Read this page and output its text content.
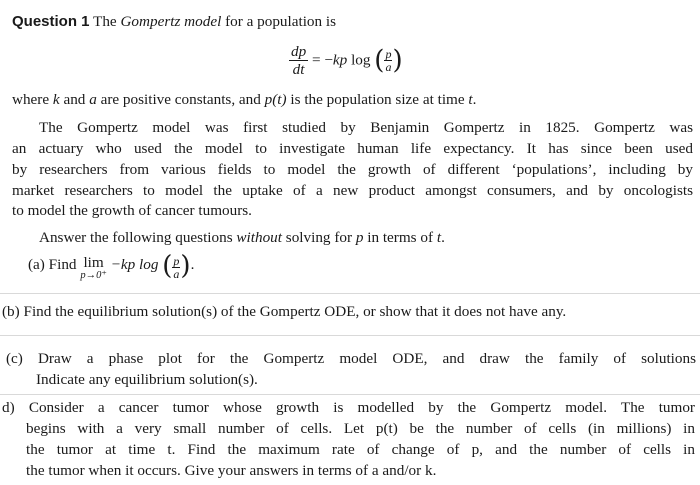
Question 1 The Gompertz model for a population is
$\frac{dp}{dt} = -kp$ log ( $\frac{p}{a}$ )
where k and a are positive constants, and p(t) is the population size at time t.
The Gompertz model was first studied by Benjamin Gompertz in 1825. Gompertz was
an actuary who used the model to investigate human life expectancy. It has since been used
by researchers from various fields to model the growth of different ‘populations’, including by
market researchers to model the uptake of a new product amongst consumers, and by oncologists
to model the growth of cancer tumours.
Answer the following questions without solving for p in terms of t.
(a) Find lim
p→0⁺
−kp log ( $\frac{p}{a}$ ).
(b) Find the equilibrium solution(s) of the Gompertz ODE, or show that it does not have any.
(c) Draw a phase plot for the Gompertz model ODE, and draw the family of solutions
Indicate any equilibrium solution(s).
d) Consider a cancer tumor whose growth is modelled by the Gompertz model. The tumor
begins with a very small number of cells. Let p(t) be the number of cells (in millions) in
the tumor at time t. Find the maximum rate of change of p, and the number of cells in
the tumor when it occurs. Give your answers in terms of a and/or k.
